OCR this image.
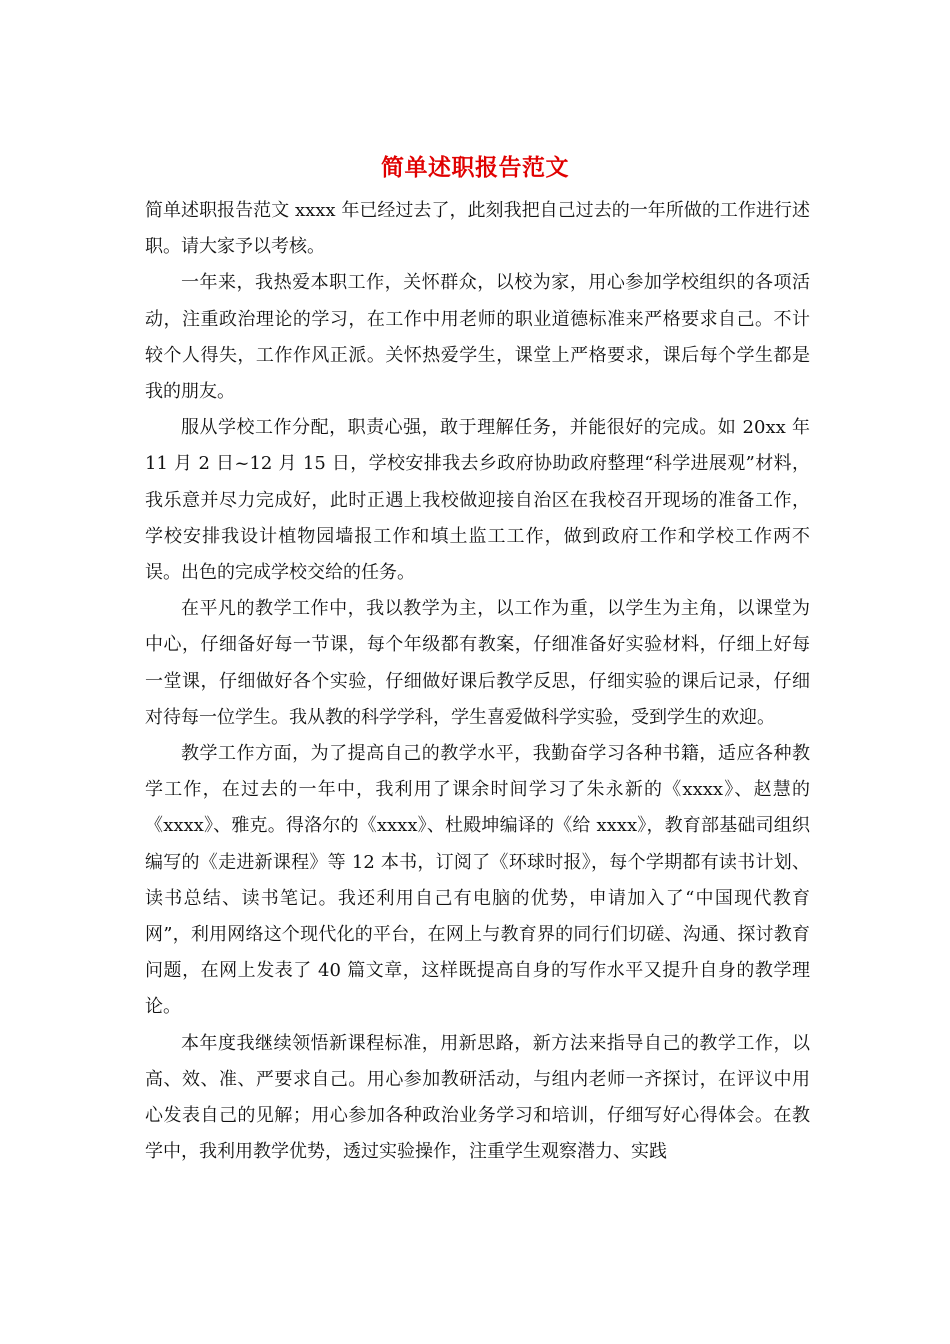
简单述职报告范文

简单述职报告范文 xxxx 年已经过去了，此刻我把自己过去的一年所做的工作进行述职。请大家予以考核。

一年来，我热爱本职工作，关怀群众，以校为家，用心参加学校组织的各项活动，注重政治理论的学习，在工作中用老师的职业道德标准来严格要求自己。不计较个人得失，工作作风正派。关怀热爱学生，课堂上严格要求，课后每个学生都是我的朋友。

服从学校工作分配，职责心强，敢于理解任务，并能很好的完成。如 20xx 年 11 月 2 日~12 月 15 日，学校安排我去乡政府协助政府整理“科学进展观”材料，我乐意并尽力完成好，此时正遇上我校做迎接自治区在我校召开现场的准备工作，学校安排我设计植物园墙报工作和填土监工工作，做到政府工作和学校工作两不误。出色的完成学校交给的任务。

在平凡的教学工作中，我以教学为主，以工作为重，以学生为主角，以课堂为中心，仔细备好每一节课，每个年级都有教案，仔细准备好实验材料，仔细上好每一堂课，仔细做好各个实验，仔细做好课后教学反思，仔细实验的课后记录，仔细对待每一位学生。我从教的科学学科，学生喜爱做科学实验，受到学生的欢迎。

教学工作方面，为了提高自己的教学水平，我勤奋学习各种书籍，适应各种教学工作，在过去的一年中，我利用了课余时间学习了朱永新的《xxxx》、赵慧的《xxxx》、雅克。得洛尔的《xxxx》、杜殿坤编译的《给 xxxx》，教育部基础司组织编写的《走进新课程》等 12 本书，订阅了《环球时报》，每个学期都有读书计划、读书总结、读书笔记。我还利用自己有电脑的优势，申请加入了“中国现代教育网”，利用网络这个现代化的平台，在网上与教育界的同行们切磋、沟通、探讨教育问题，在网上发表了 40 篇文章，这样既提高自身的写作水平又提升自身的教学理论。

本年度我继续领悟新课程标准，用新思路，新方法来指导自己的教学工作，以高、效、准、严要求自己。用心参加教研活动，与组内老师一齐探讨，在评议中用心发表自己的见解；用心参加各种政治业务学习和培训，仔细写好心得体会。在教学中，我利用教学优势，透过实验操作，注重学生观察潜力、实践
